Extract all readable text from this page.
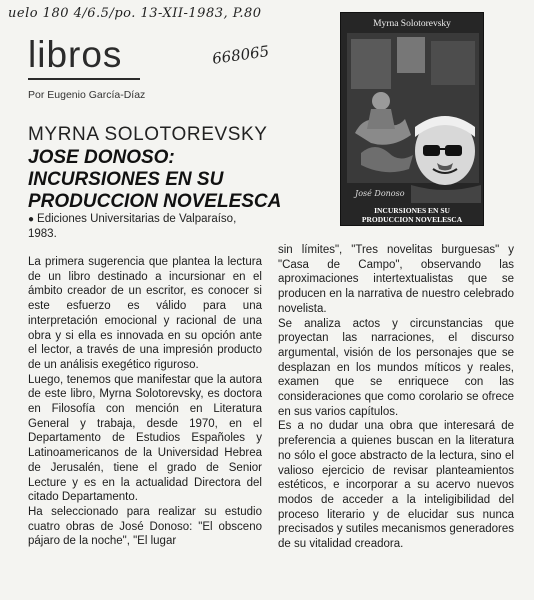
uelo 180 4/6.5/po. 13-XII-1983, P.80
668065
libros
Por Eugenio García-Díaz
Myrna Solotorevsky
José Donoso
INCURSIONES EN SU
PRODUCCION NOVELESCA
MYRNA SOLOTOREVSKY
JOSE DONOSO:
INCURSIONES EN SU
PRODUCCION NOVELESCA
● Ediciones Universitarias de Valparaíso, 1983.

La primera sugerencia que plantea la lectura de un libro destinado a incursionar en el ámbito creador de un escritor, es conocer si este esfuerzo es válido para una interpretación emocional y racional de una obra y si ella es innovada en su opción ante el lector, a través de una impresión producto de un análisis exegético riguroso.

Luego, tenemos que manifestar que la autora de este libro, Myrna Solotorevsky, es doctora en Filosofía con mención en Literatura General y trabaja, desde 1970, en el Departamento de Estudios Españoles y Latinoamericanos de la Universidad Hebrea de Jerusalén, tiene el grado de Senior Lecture y es en la actualidad Directora del citado Departamento.

Ha seleccionado para realizar su estudio cuatro obras de José Donoso: "El obsceno pájaro de la noche", "El lugar

sin límites", "Tres novelitas burguesas" y "Casa de Campo", observando las aproximaciones intertextualistas que se producen en la narrativa de nuestro celebrado novelista.

Se analiza actos y circunstancias que proyectan las narraciones, el discurso argumental, visión de los personajes que se desplazan en los mundos míticos y reales, examen que se enriquece con las consideraciones que como corolario se ofrece en sus varios capítulos.

Es a no dudar una obra que interesará de preferencia a quienes buscan en la literatura no sólo el goce abstracto de la lectura, sino el valioso ejercicio de revisar planteamientos estéticos, e incorporar a su acervo nuevos modos de acceder a la inteligibilidad del proceso literario y de elucidar sus nunca precisados y sutiles mecanismos generadores de su vitalidad creadora.
